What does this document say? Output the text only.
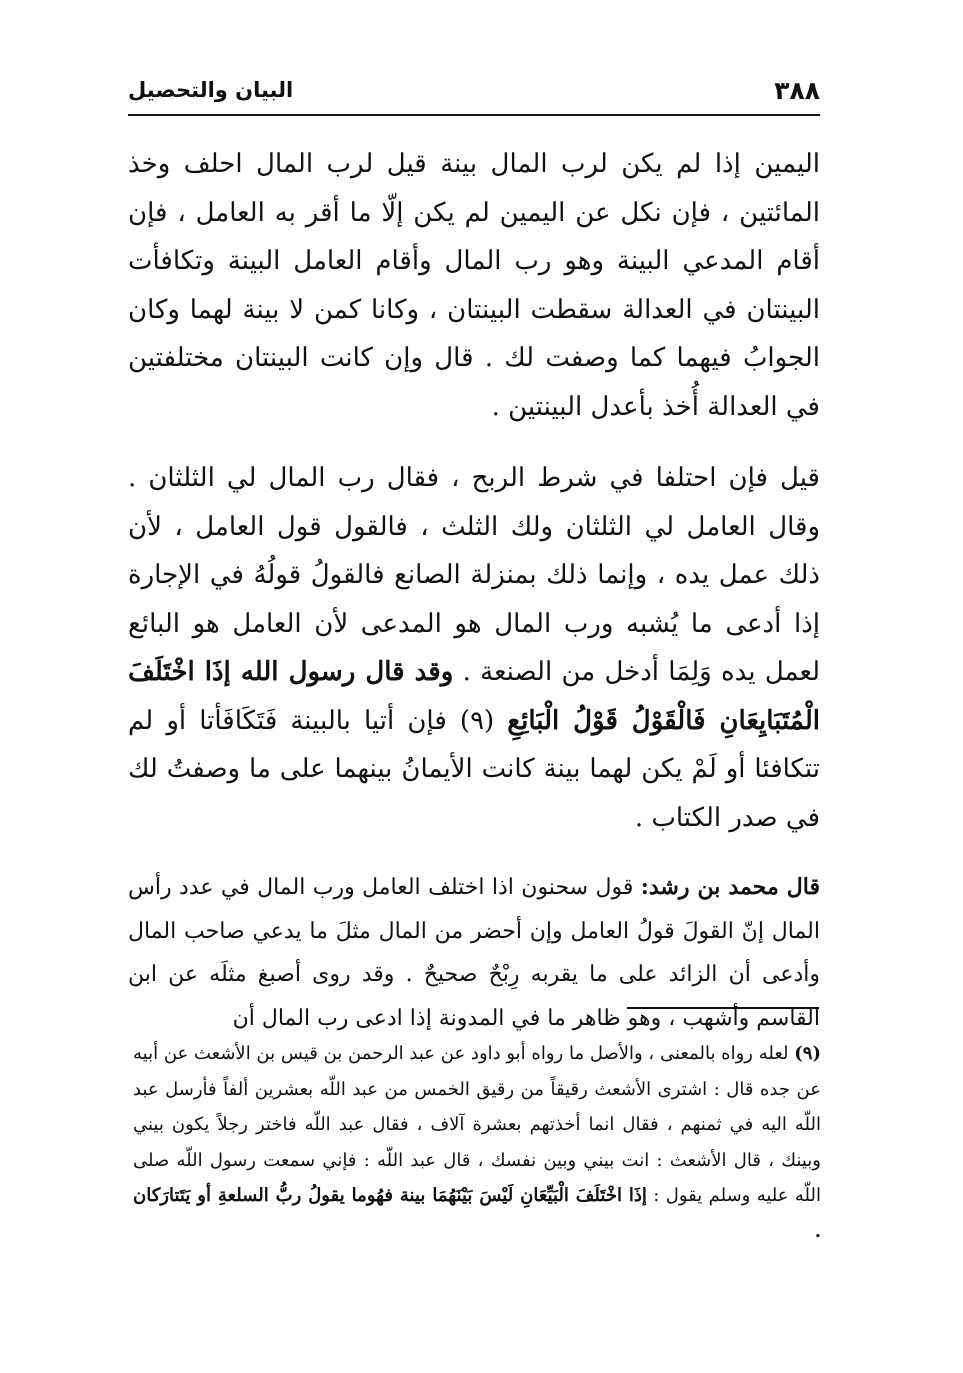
٣٨٨
البيان والتحصيل

اليمين إذا لم يكن لرب المال بينة قيل لرب المال احلف وخذ المائتين ، فإن نكل عن اليمين لم يكن إلّا ما أقر به العامل ، فإن أقام المدعي البينة وهو رب المال وأقام العامل البينة وتكافأت البينتان في العدالة سقطت البينتان ، وكانا كمن لا بينة لهما وكان الجوابُ فيهما كما وصفت لك . قال وإن كانت البينتان مختلفتين في العدالة أُخذ بأعدل البينتين .

قيل فإن احتلفا في شرط الربح ، فقال رب المال لي الثلثان . وقال العامل لي الثلثان ولك الثلث ، فالقول قول العامل ، لأن ذلك عمل يده ، وإنما ذلك بمنزلة الصانع فالقولُ قولُهُ في الإجارة إذا أدعى ما يُشبه ورب المال هو المدعى لأن العامل هو البائع لعمل يده وَلِمَا أدخل من الصنعة . وقد قال رسول الله إذَا اخْتَلَفَ الْمُتَبَايِعَانِ فَالْقَوْلُ قَوْلُ الْبَائِعِ (٩) فإن أتيا بالبينة فَتَكَافَأتا أو لم تتكافئا أو لَمْ يكن لهما بينة كانت الأيمانُ بينهما على ما وصفتُ لك في صدر الكتاب .

قال محمد بن رشد: قول سحنون اذا اختلف العامل ورب المال في عدد رأس المال إنّ القولَ قولُ العامل وإن أحضر من المال مثلَ ما يدعي صاحب المال وأدعى أن الزائد على ما يقربه رِبْحٌ صحيحٌ . وقد روى أصبغ مثلَه عن ابن القاسم وأشهب ، وهو ظاهر ما في المدونة إذا ادعى رب المال أن

(٩) لعله رواه بالمعنى ، والأصل ما رواه أبو داود عن عبد الرحمن بن قيس بن الأشعث عن أبيه عن جده قال : اشترى الأشعث رقيقاً من رقيق الخمس من عبد اللّه بعشرين ألفاً فأرسل عبد اللّه اليه في ثمنهم ، فقال انما أخذتهم بعشرة آلاف ، فقال عبد اللّه فاختر رجلاً يكون بيني وبينك ، قال الأشعث : انت بيني وبين نفسك ، قال عبد اللّه : فإني سمعت رسول اللّه صلى اللّه عليه وسلم يقول : إذَا اخْتَلَفَ الْبَيِّعَانِ لَيْسَ بَيْنَهُمَا بينة فهُوما يقولُ ربُّ السلعةِ أو يَتَتارَكان .
